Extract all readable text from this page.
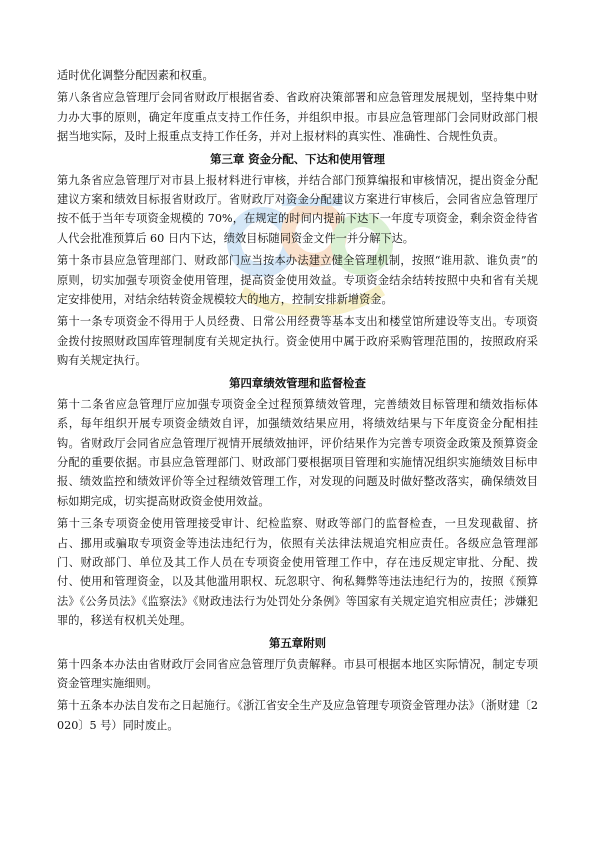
适时优化调整分配因素和权重。

第八条省应急管理厅会同省财政厅根据省委、省政府决策部署和应急管理发展规划，坚持集中财力办大事的原则，确定年度重点支持工作任务，并组织申报。市县应急管理部门会同财政部门根据当地实际，及时上报重点支持工作任务，并对上报材料的真实性、准确性、合规性负责。

第三章 资金分配、下达和使用管理

第九条省应急管理厅对市县上报材料进行审核，并结合部门预算编报和审核情况，提出资金分配建议方案和绩效目标报省财政厅。省财政厅对资金分配建议方案进行审核后，会同省应急管理厅按不低于当年专项资金规模的 70%，在规定的时间内提前下达下一年度专项资金，剩余资金待省人代会批准预算后 60 日内下达，绩效目标随同资金文件一并分解下达。

第十条市县应急管理部门、财政部门应当按本办法建立健全管理机制，按照“谁用款、谁负责”的原则，切实加强专项资金使用管理，提高资金使用效益。专项资金结余结转按照中央和省有关规定安排使用，对结余结转资金规模较大的地方，控制安排新增资金。

第十一条专项资金不得用于人员经费、日常公用经费等基本支出和楼堂馆所建设等支出。专项资金拨付按照财政国库管理制度有关规定执行。资金使用中属于政府采购管理范围的，按照政府采购有关规定执行。

第四章绩效管理和监督检查

第十二条省应急管理厅应加强专项资金全过程预算绩效管理，完善绩效目标管理和绩效指标体系，每年组织开展专项资金绩效自评，加强绩效结果应用，将绩效结果与下年度资金分配相挂钩。省财政厅会同省应急管理厅视情开展绩效抽评，评价结果作为完善专项资金政策及预算资金分配的重要依据。市县应急管理部门、财政部门要根据项目管理和实施情况组织实施绩效目标申报、绩效监控和绩效评价等全过程绩效管理工作，对发现的问题及时做好整改落实，确保绩效目标如期完成，切实提高财政资金使用效益。

第十三条专项资金使用管理接受审计、纪检监察、财政等部门的监督检查，一旦发现截留、挤占、挪用或骗取专项资金等违法违纪行为，依照有关法律法规追究相应责任。各级应急管理部门、财政部门、单位及其工作人员在专项资金使用管理工作中，存在违反规定审批、分配、拨付、使用和管理资金，以及其他滥用职权、玩忽职守、徇私舞弊等违法违纪行为的，按照《预算法》《公务员法》《监察法》《财政违法行为处罚处分条例》等国家有关规定追究相应责任；涉嫌犯罪的，移送有权机关处理。

第五章附则

第十四条本办法由省财政厅会同省应急管理厅负责解释。市县可根据本地区实际情况，制定专项资金管理实施细则。

第十五条本办法自发布之日起施行。《浙江省安全生产及应急管理专项资金管理办法》（浙财建〔2020〕5 号）同时废止。
